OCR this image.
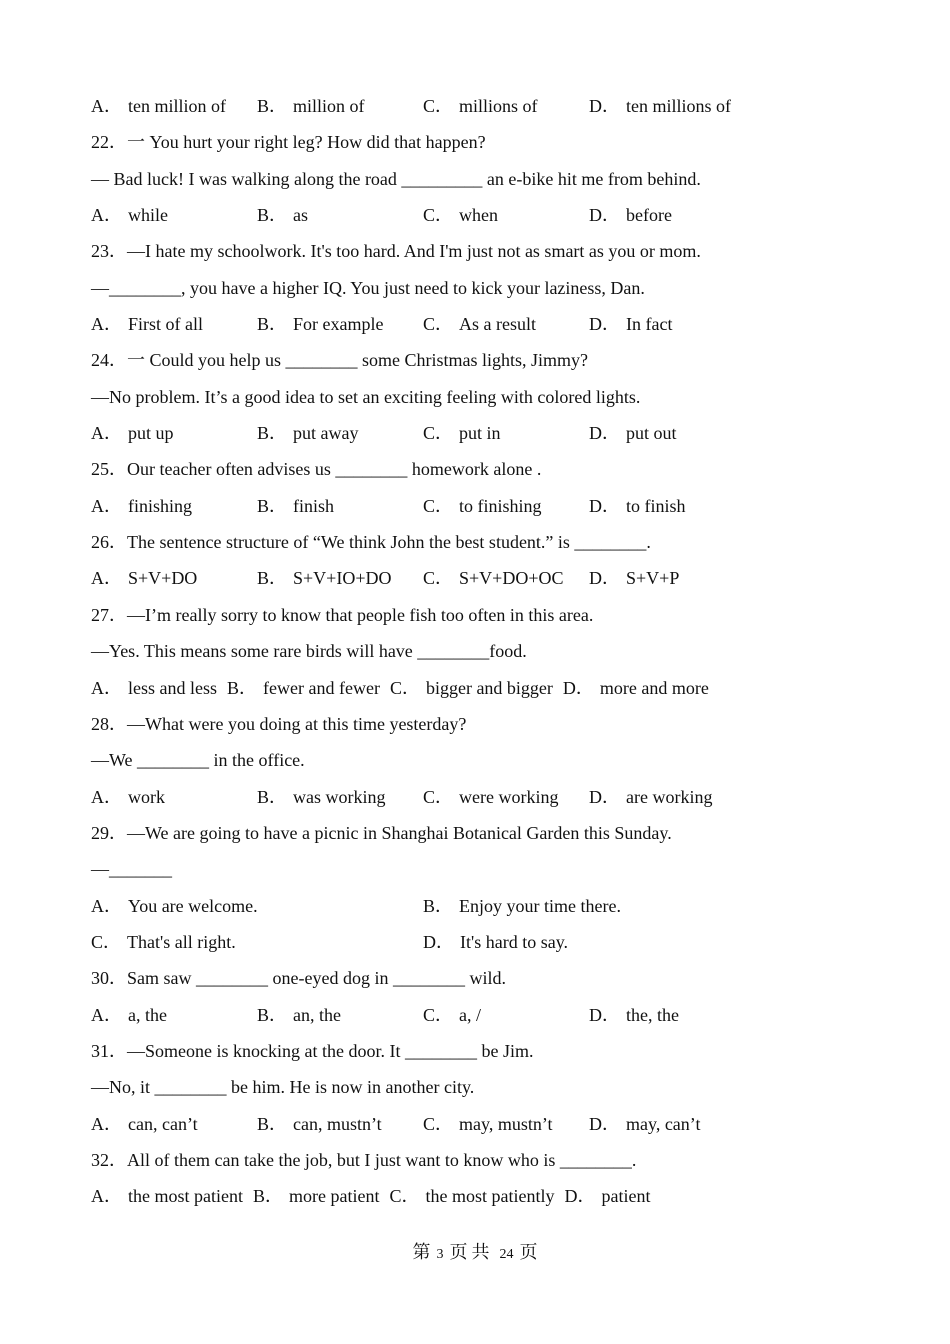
A． ten million of	B． million of	C． millions of	D． ten millions of
22．一 You hurt your right leg? How did that happen?
— Bad luck! I was walking along the road _________ an e-bike hit me from behind.
A． while	B． as	C． when	D． before
23．—I hate my schoolwork. It's too hard. And I'm just not as smart as you or mom.
—________, you have a higher IQ. You just need to kick your laziness, Dan.
A． First of all	B． For example	C． As a result	D． In fact
24．一 Could you help us ________ some Christmas lights, Jimmy?
—No problem. It’s a good idea to set an exciting feeling with colored lights.
A． put up	B． put away	C． put in	D． put out
25．Our teacher often advises us ________ homework alone .
A． finishing	B． finish	C． to finishing	D． to finish
26．The sentence structure of “We think John the best student.” is ________.
A． S+V+DO	B． S+V+IO+DO	C． S+V+DO+OC	D． S+V+P
27．—I’m really sorry to know that people fish too often in this area.
—Yes. This means some rare birds will have ________food.
A． less and less B． fewer and fewer C． bigger and bigger D． more and more
28．—What were you doing at this time yesterday?
—We ________ in the office.
A． work	B． was working	C． were working	D． are working
29．—We are going to have a picnic in Shanghai Botanical Garden this Sunday.
—_______
A． You are welcome.	B． Enjoy your time there.
C． That's all right.	D． It's hard to say.
30．Sam saw ________ one-eyed dog in ________ wild.
A． a, the	B． an, the	C． a, /	D． the, the
31．—Someone is knocking at the door. It ________ be Jim.
—No, it ________ be him. He is now in another city.
A． can, can’t	B． can, mustn’t	C． may, mustn’t	D． may, can’t
32．All of them can take the job, but I just want to know who is ________.
A． the most patient B． more patient C． the most patiently D． patient
第 3 页 共 24 页
